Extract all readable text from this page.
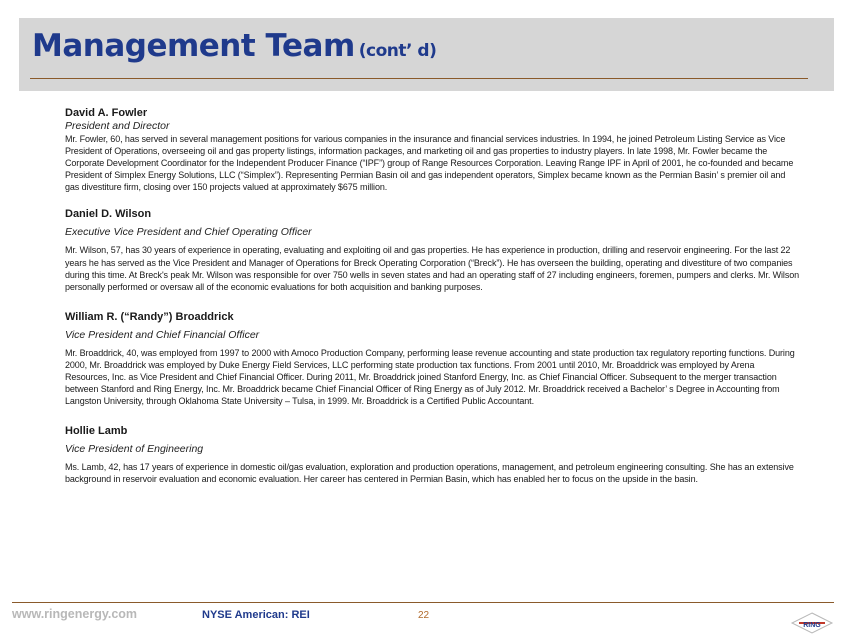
Management Team (cont’ d)

David A. Fowler

President and Director

Mr. Fowler, 60, has served in several management positions for various companies in the insurance and financial services industries. In 1994, he joined Petroleum Listing Service as Vice President of Operations, overseeing oil and gas property listings, information packages, and marketing oil and gas properties to industry players. In late 1998, Mr. Fowler became the Corporate Development Coordinator for the Independent Producer Finance (“IPF”) group of Range Resources Corporation. Leaving Range IPF in April of 2001, he co-founded and became President of Simplex Energy Solutions, LLC (“Simplex”). Representing Permian Basin oil and gas independent operators, Simplex became known as the Permian Basin’ s premier oil and gas divestiture firm, closing over 150 projects valued at approximately $675 million.

Daniel D. Wilson

Executive Vice President and Chief Operating Officer

Mr. Wilson, 57, has 30 years of experience in operating, evaluating and exploiting oil and gas properties. He has experience in production, drilling and reservoir engineering. For the last 22 years he has served as the Vice President and Manager of Operations for Breck Operating Corporation (“Breck”). He has overseen the building, operating and divestiture of two companies during this time. At Breck's peak Mr. Wilson was responsible for over 750 wells in seven states and had an operating staff of 27 including engineers, foremen, pumpers and clerks. Mr. Wilson personally performed or oversaw all of the economic evaluations for both acquisition and banking purposes.

William R. (“Randy”) Broaddrick

Vice President and Chief Financial Officer

Mr. Broaddrick, 40, was employed from 1997 to 2000 with Amoco Production Company, performing lease revenue accounting and state production tax regulatory reporting functions. During 2000, Mr. Broaddrick was employed by Duke Energy Field Services, LLC performing state production tax functions. From 2001 until 2010, Mr. Broaddrick was employed by Arena Resources, Inc. as Vice President and Chief Financial Officer. During 2011, Mr. Broaddrick joined Stanford Energy, Inc. as Chief Financial Officer. Subsequent to the merger transaction between Stanford and Ring Energy, Inc. Mr. Broaddrick became Chief Financial Officer of Ring Energy as of July 2012. Mr. Broaddrick received a Bachelor’ s Degree in Accounting from Langston University, through Oklahoma State University – Tulsa, in 1999. Mr. Broaddrick is a Certified Public Accountant.

Hollie Lamb

Vice President of Engineering

Ms. Lamb, 42, has 17 years of experience in domestic oil/gas evaluation, exploration and production operations, management, and petroleum engineering consulting. She has an extensive background in reservoir evaluation and economic evaluation. Her career has centered in Permian Basin, which has enabled her to focus on the upside in the basin.

www.ringenergy.com	NYSE American: REI	22
RING
